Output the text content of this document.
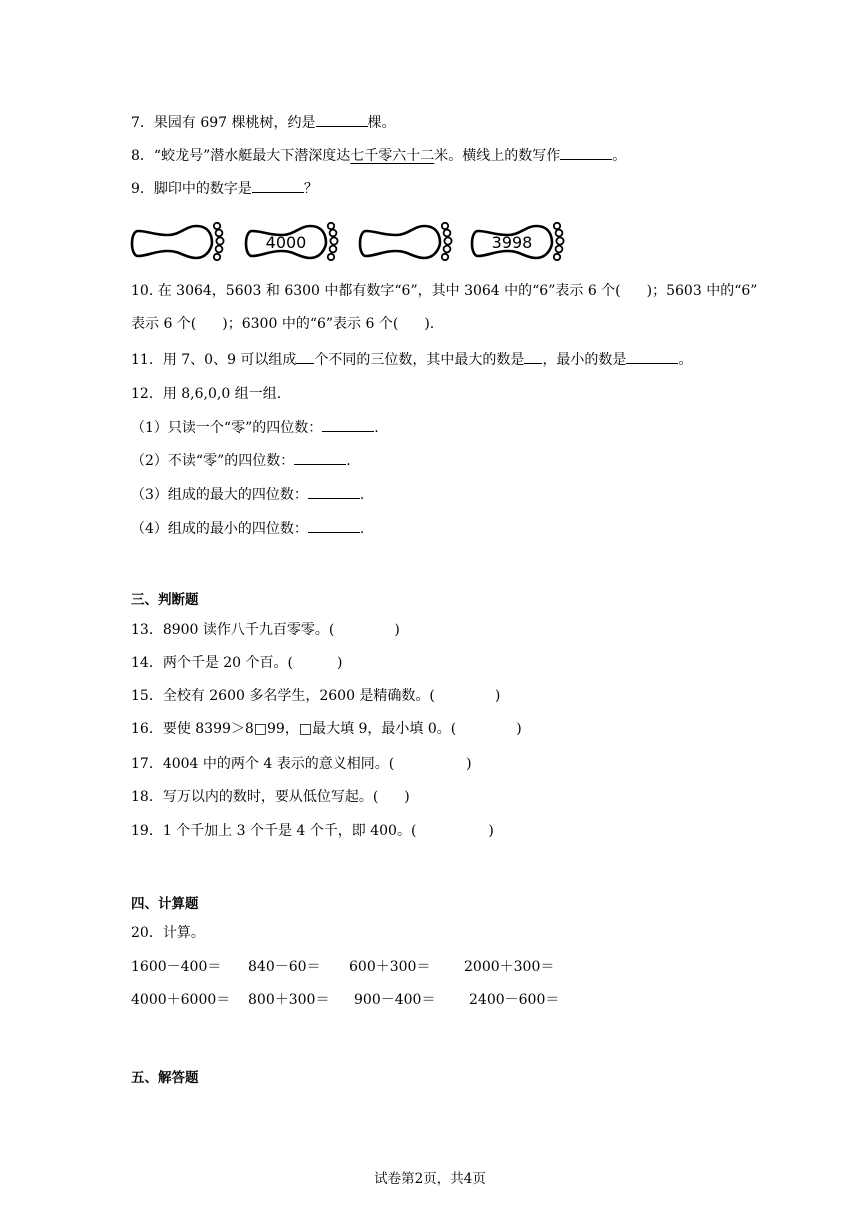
7．果园有 697 棵桃树，约是	棵。
8．“蛟龙号”潜水艇最大下潜深度达七千零六十二米。横线上的数写作	。
9．脚印中的数字是	？
4000	3998
10. 在 3064，5603 和 6300 中都有数字“6”，其中 3064 中的“6”表示 6 个( )；5603 中的“6”
表示 6 个( )；6300 中的“6”表示 6 个( ).
11．用 7、0、9 可以组成 个不同的三位数，其中最大的数是 ，最小的数是	。
12．用 8,6,0,0 组一组.
（1）只读一个“零”的四位数：	.
（2）不读“零”的四位数：	.
（3）组成的最大的四位数：	.
（4）组成的最小的四位数：	.
三、判断题
13．8900 读作八千九百零零。(	)
14．两个千是 20 个百。(	)
15．全校有 2600 多名学生，2600 是精确数。(	)
16．要使 8399＞8□99，□最大填 9，最小填 0。(	)
17．4004 中的两个 4 表示的意义相同。(	)
18．写万以内的数时，要从低位写起。( )
19．1 个千加上 3 个千是 4 个千，即 400。(	)
四、计算题
20．计算。
1600－400＝ 840－60＝ 600＋300＝ 2000＋300＝
4000＋6000＝ 800＋300＝ 900－400＝ 2400－600＝
五、解答题
试卷第2页，共4页
